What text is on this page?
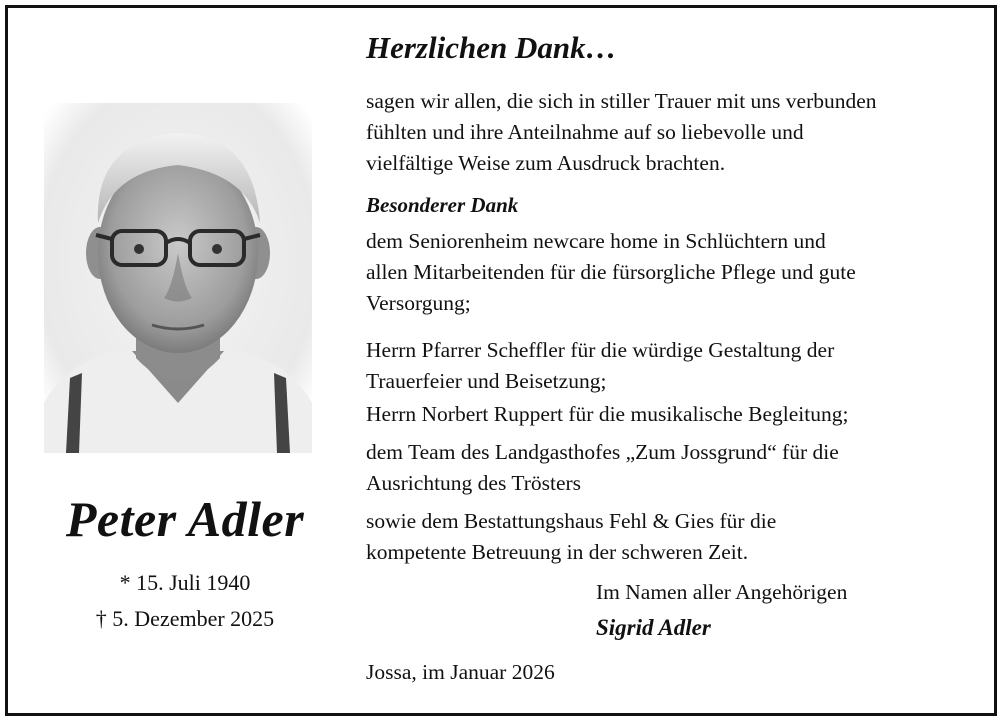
Peter Adler
* 15. Juli 1940
† 5. Dezember 2025
Herzlichen Dank…
sagen wir allen, die sich in stiller Trauer mit uns verbunden
fühlten und ihre Anteilnahme auf so liebevolle und
vielfältige Weise zum Ausdruck brachten.
Besonderer Dank
dem Seniorenheim newcare home in Schlüchtern und
allen Mitarbeitenden für die fürsorgliche Pflege und gute
Versorgung;
Herrn Pfarrer Scheffler für die würdige Gestaltung der
Trauerfeier und Beisetzung;
Herrn Norbert Ruppert für die musikalische Begleitung;
dem Team des Landgasthofes „Zum Jossgrund“ für die
Ausrichtung des Trösters
sowie dem Bestattungshaus Fehl & Gies für die
kompetente Betreuung in der schweren Zeit.
Im Namen aller Angehörigen
Sigrid Adler
Jossa, im Januar 2026
